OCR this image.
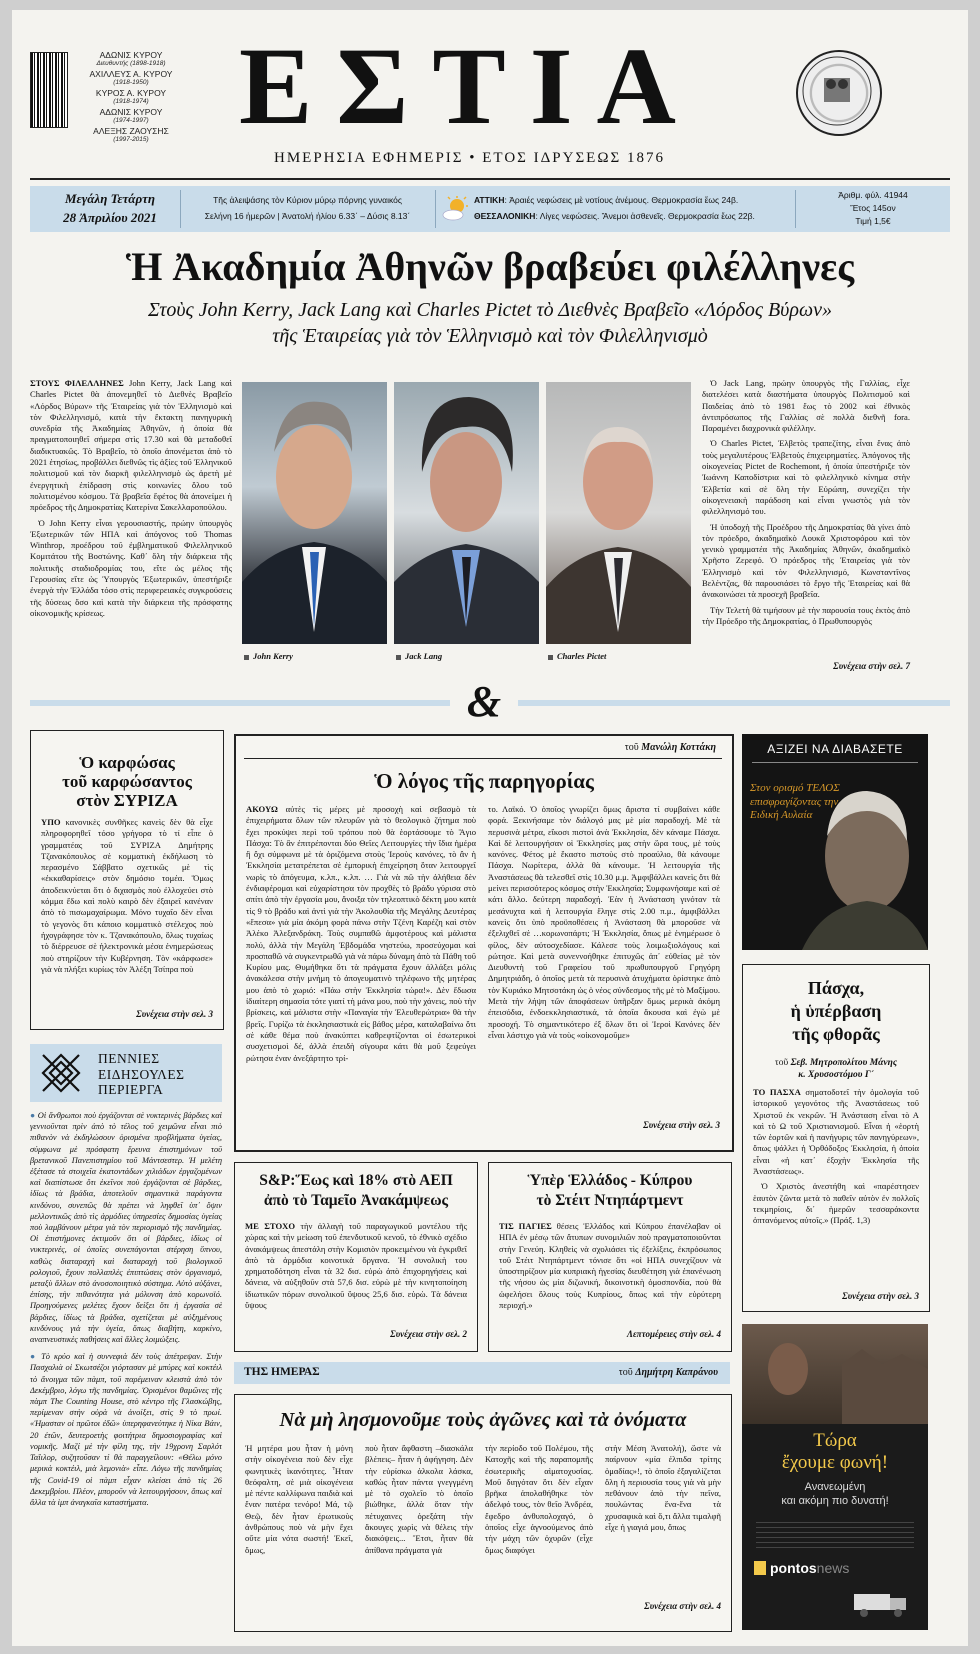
ΑΔΩΝΙΣ ΚΥΡΟΥ
Διευθυντής (1898-1918)
ΑΧΙΛΛΕΥΣ Α. ΚΥΡΟΥ
(1918-1950)
ΚΥΡΟΣ Α. ΚΥΡΟΥ
(1918-1974)
ΑΔΩΝΙΣ ΚΥΡΟΥ
(1974-1997)
ΑΛΕΞΗΣ ΖΑΟΥΣΗΣ
(1997-2015) ΕΣΤΙΑ
ΗΜΕΡΗΣΙΑ ΕΦΗΜΕΡΙΣ • ΕΤΟΣ ΙΔΡΥΣΕΩΣ 1876
Μεγάλη Τετάρτη
28 Ἀπριλίου 2021
Τῆς ἀλειψάσης τὸν Κύριον μύρῳ πόρνης γυναικός
Σελήνη 16 ἡμερῶν | Ἀνατολή ἡλίου 6.33΄ – Δύσις 8.13΄
ΑΤΤΙΚΗ: Ἀραιές νεφώσεις μὲ νοτίους ἀνέμους. Θερμοκρασία ἕως 24β.
ΘΕΣΣΑΛΟΝΙΚΗ: Λίγες νεφώσεις. Ἄνεμοι ἀσθενεῖς. Θερμοκρασία ἕως 22β.
Ἀριθμ. φύλ. 41944
Ἔτος 145ον
Τιμή 1,5€
Ἡ Ἀκαδημία Ἀθηνῶν βραβεύει φιλέλληνες
Στοὺς John Kerry, Jack Lang καὶ Charles Pictet τὸ Διεθνὲς Βραβεῖο «Λόρδος Βύρων»
τῆς Ἑταιρείας γιὰ τὸν Ἑλληνισμὸ καὶ τὸν Φιλελληνισμὸ

ΣΤΟΥΣ ΦΙΛΕΛΛΗΝΕΣ John Kerry, Jack Lang καὶ Charles Pictet θὰ ἀπονεμηθεῖ τὸ Διεθνὲς Βραβεῖο «Λόρδος Βύρων» τῆς Ἑταιρείας γιὰ τὸν Ἑλληνισμὸ καὶ τὸν Φιλελληνισμό, κατὰ τὴν ἔκτακτη πανηγυρικὴ συνεδρία τῆς Ἀκαδημίας Ἀθηνῶν, ἡ ὁποία θὰ πραγματοποιηθεῖ σήμερα στὶς 17.30 καὶ θὰ μεταδοθεῖ διαδικτυακῶς. Τὸ Βραβεῖο, τὸ ὁποῖο ἀπονέμεται ἀπὸ τὸ 2021 ἐτησίως, προβάλλει διεθνῶς τὶς ἀξίες τοῦ Ἑλληνικοῦ πολιτισμοῦ καὶ τὸν διαρκῆ φιλελληνισμὸ ὡς ἀρετὴ μὲ ἐνεργητικὴ ἐπίδραση στὶς κοινωνίες ὅλου τοῦ πολιτισμένου κόσμου. Τὰ βραβεῖα ἔφέτος θὰ ἀπονείμει ἡ πρόεδρος τῆς Δημοκρατίας Κατερίνα Σακελλαροπούλου.

Ὁ John Kerry εἶναι γερουσιαστής, πρώην ὑπουργὸς Ἐξωτερικῶν τῶν ΗΠΑ καὶ ἀπόγονος τοῦ Thomas Winthrop, προέδρου τοῦ ἐμβληματικοῦ Φιλελληνικοῦ Κομιτάτου τῆς Βοστώνης. Καθ᾽ ὅλη τὴν διάρκεια τῆς πολιτικῆς σταδιοδρομίας του, εἴτε ὡς μέλος τῆς Γερουσίας εἴτε ὡς Ὑπουργὸς Ἐξωτερικῶν, ὑπεστήριξε ἐνεργὰ τὴν Ἑλλάδα τόσο στὶς περιφερειακὲς συγκρούσεις τῆς δύσεως ὅσο καὶ κατὰ τὴν διάρκεια τῆς πρόσφατης οἰκονομικῆς κρίσεως.

John Kerry	Jack Lang	Charles Pictet

Ὁ Jack Lang, πρώην ὑπουργὸς τῆς Γαλλίας, εἶχε διατελέσει κατὰ διαστήματα ὑπουργὸς Πολιτισμοῦ καὶ Παιδείας ἀπὸ τὸ 1981 ἕως τὸ 2002 καὶ ἐθνικὸς ἀντιπρόσωπος τῆς Γαλλίας σὲ πολλὰ διεθνῆ fora. Παραμένει διαχρονικὰ φιλέλλην.

Ὁ Charles Pictet, Ἑλβετὸς τραπεζίτης, εἶναι ἕνας ἀπὸ τοὺς μεγαλυτέρους Ἑλβετοὺς ἐπιχειρηματίες. Ἀπόγονος τῆς οἰκογενείας Pictet de Rochemont, ἡ ὁποία ὑπεστήριξε τὸν Ἰωάννη Καποδίστρια καὶ τὸ φιλελληνικὸ κίνημα στὴν Ἑλβετία καὶ σὲ ὅλη τὴν Εὐρώπη, συνεχίζει τὴν οἰκογενειακὴ παράδοση καὶ εἶναι γνωστὸς γιὰ τὸν φιλελληνισμό του.

Ἡ ὑποδοχὴ τῆς Προέδρου τῆς Δημοκρατίας θὰ γίνει ἀπὸ τὸν πρόεδρο, ἀκαδημαϊκὸ Λουκᾶ Χριστοφόρου καὶ τὸν γενικὸ γραμματέα τῆς Ἀκαδημίας Ἀθηνῶν, ἀκαδημαϊκὸ Χρῆστο Ζερεφό. Ὁ πρόεδρος τῆς Ἑταιρείας γιὰ τὸν Ἑλληνισμὸ καὶ τὸν Φιλελληνισμό, Κωνσταντῖνος Βελέντζας, θὰ παρουσιάσει τὸ ἔργο τῆς Ἑταιρείας καὶ θὰ ἀνακοινώσει τὰ προσεχῆ βραβεῖα.

Τὴν Τελετὴ θὰ τιμήσουν μὲ τὴν παρουσία τους ἐκτὸς ἀπὸ τὴν Πρόεδρο τῆς Δημοκρατίας, ὁ Πρωθυπουργὸς

Συνέχεια στὴν σελ. 7
&
Ὁ καρφώσας
τοῦ καρφώσαντος
στὸν ΣΥΡΙΖΑ
ΥΠΟ κανονικὲς συνθῆκες κανεὶς δὲν θὰ εἶχε πληροφορηθεῖ τόσο γρήγορα τὸ τί εἶπε ὁ γραμματέας τοῦ ΣΥΡΙΖΑ Δημήτρης Τζανακόπουλος σὲ κομματικὴ ἐκδήλωση τὸ περασμένο Σάββατο σχετικῶς μὲ τὶς «ἐκκαθαρίσεις» στὸν δημόσιο τομέα. Ὅμως ἀποδεικνύεται ὅτι ὁ διχασμὸς ποὺ ἐλλοχεύει στὸ κόμμα ἔδω καὶ πολὺ καιρὸ δὲν ἐξαιρεῖ κανέναν ἀπὸ τὸ πισωμαχαίρωμα. Μόνο τυχαῖο δὲν εἶναι τὸ γεγονὸς ὅτι κάποιο κομματικὸ στέλεχος ποὺ ἠχογράφησε τὸν κ. Τζανακόπουλο, ὅλως τυχαίως τὸ διέρρευσε σὲ ἠλεκτρονικὰ μέσα ἐνημερώσεως ποὺ στηρίζουν τὴν Κυβέρνηση. Τὸν «κάρφωσε» γιὰ νὰ πλήξει κυρίως τὸν Ἀλέξη Τσίπρα ποὺ
Συνέχεια στὴν σελ. 3
ΠΕΝΝΙΕΣ
ΕΙΔΗΣΟΥΛΕΣ
ΠΕΡΙΕΡΓΑ

● Οἱ ἄνθρωποι ποὺ ἐργάζονται σὲ νυκτερινὲς βάρδιες καὶ γεννιοῦνται πρὶν ἀπὸ τὸ τέλος τοῦ χειμῶνα εἶναι πιὸ πιθανὸν νὰ ἐκδηλώσουν ὁρισμένα προβλήματα ὑγείας, σύμφωνα μὲ πρόσφατη ἔρευνα ἐπιστημόνων τοῦ βρετανικοῦ Πανεπιστημίου τοῦ Μάντσεστερ. Ἡ μελέτη ἐξέτασε τὰ στοιχεῖα ἑκατοντάδων χιλιάδων ἐργαζομένων καὶ διαπίστωσε ὅτι ἐκεῖνοι ποὺ ἐργάζονται σὲ βάρδιες, ἰδίως τὰ βράδια, ἀποτελοῦν σημαντικὰ παράγοντα κινδύνου, συνεπῶς θὰ πρέπει νὰ ληφθεῖ ὑπ᾽ ὄψιν μελλοντικῶς ἀπὸ τὶς ἁρμόδιες ὑπηρεσίες δημοσίας ὑγείας ποὺ λαμβάνουν μέτρα γιὰ τὸν περιορισμὸ τῆς πανδημίας. Οἱ ἐπιστήμονες ἐκτιμοῦν ὅτι οἱ βάρδιες, ἰδίως οἱ νυκτερινές, οἱ ὁποῖες συνεπάγονται στέρηση ὕπνου, καθὼς διαταραχὴ καὶ διαταραχὴ τοῦ βιολογικοῦ ρολογιοῦ, ἔχουν πολλαπλὲς ἐπιπτώσεις στὸν ὀργανισμό, μεταξὺ ἄλλων στὸ ἀνοσοποιητικὸ σύστημα. Αὐτὸ αὐξάνει, ἐπίσης, τὴν πιθανότητα γιὰ μόλυνση ἀπὸ κορωνοϊό. Προηγούμενες μελέτες ἔχουν δείξει ὅτι ἡ ἐργασία σὲ βάρδιες, ἰδίως τὰ βράδια, σχετίζεται μὲ αὐξημένους κινδύνους γιὰ τὴν ὑγεία, ὅπως διαβήτη, καρκίνο, αναπνευστικὲς παθήσεις καὶ ἄλλες λοιμώξεις.

● Τὸ κρύο καὶ ἡ συννεφιὰ δὲν τοὺς ἀπέτρεψαν. Στὴν Πασχαλιὰ οἱ Σκωτσέζοι γιόρτασαν μὲ μπύρες καὶ κοκτέιλ τὸ ἄνοιγμα τῶν πὰμπ, τοῦ παρέμειναν κλειστὰ ἀπὸ τὸν Δεκέμβριο, λόγω τῆς πανδημίας. Ὁρισμένοι θαμῶνες τῆς πὰμπ The Counting House, στὸ κέντρο τῆς Γλασκώβης, περίμεναν στὴν οὐρὰ νὰ ἀνοίξει, στὶς 9 τὸ πρωί. «Ἡμασταν οἱ πρῶτοι ἐδῶ» ὑπερηφανεύτηκε ἡ Νίκα Βάιν, 20 ἐτῶν, δευτεροετὴς φοιτήτρια δημοσιογραφίας καὶ νομικῆς. Μαζί μὲ τὴν φίλη της, τὴν 19χρονη Σαρλότ Ταΐιλορ, συζητοῦσαν τί θὰ παραγγείλουν: «Θέλω μόνο μερικὰ κοκτέιλ, μιὰ λεμονιὰ» εἶπε. Λόγω τῆς πανδημίας τῆς Covid-19 οἱ πὰμπ εἶχαν κλείσει ἀπὸ τὶς 26 Δεκεμβρίου. Πλέον, μποροῦν νὰ λειτουργήσουν, ὅπως καὶ ἄλλα τὰ ἱμπ ἀναγκαῖα καταστήματα.

τοῦ Μανώλη Κοττάκη
Ὁ λόγος τῆς παρηγορίας
ΑΚΟΥΩ αὐτὲς τὶς μέρες μὲ προσοχὴ καὶ σεβασμὸ τὰ ἐπιχειρήματα ὅλων τῶν πλευρῶν γιὰ τὸ θεολογικὸ ζήτημα ποὺ ἔχει προκύψει περὶ τοῦ τρόπου ποὺ θὰ ἑορτάσουμε τὸ Ἅγιο Πάσχα: Τὸ ἂν ἐπιτρέπονται δύο Θεῖες Λειτουργίες τὴν ἴδια ἡμέρα ἢ ὄχι σύμφωνα μὲ τὰ ὁριζόμενα στοὺς Ἱεροὺς κανόνες, τὸ ἂν ἡ Ἐκκλησία μετατρέπεται σὲ ἐμπορικὴ ἐπιχείρηση ὅταν λειτουργεῖ νωρὶς τὸ ἀπόγευμα, κ.λπ., κ.λπ. … Γιὰ νὰ πῶ τὴν ἀλήθεια δὲν ἐνδιαφέρομαι καὶ εὐχαρίστησα τὸν προχθὲς τὸ βράδυ γύρισα στὸ σπίτι ἀπὸ τὴν ἐργασία μου, ἄνοιξα τὸν τηλεοπτικὸ δέκτη μου κατὰ τὶς 9 τὸ βράδυ καὶ ἀντὶ γιὰ τὴν Ἀκολουθία τῆς Μεγάλης Δευτέρας «ἔπεσα» γιὰ μία ἀκόμη φορὰ πάνω στὴν Τζένη Καρέζη καὶ στὸν Ἀλέκο Ἀλεξανδράκη. Τοὺς συμπαθῶ ἀμφοτέρους καὶ μάλιστα πολύ, ἀλλὰ τὴν Μεγάλη Ἑβδομάδα νηστεύω, προσεύχομαι καὶ προσπαθῶ νὰ συγκεντρωθῶ γιὰ νὰ πάρω δύναμη ἀπὸ τὰ Πάθη τοῦ Κυρίου μας. Θυμήθηκα ὅτι τὰ πράγματα ἔχουν ἀλλάξει μόλις ἀνακάλεσα στὴν μνήμη τὸ ἀπογευματινὸ τηλέφωνο τῆς μητέρας μου ἀπὸ τὸ χωριό: «Πάω στὴν Ἐκκλησία τώρα!». Δὲν ἔδωσα ἰδιαίτερη σημασία τότε γιατί τὴ μάνα μου, ποὺ τὴν χάνεις, ποὺ τὴν βρίσκεις, καὶ μάλιστα στὴν «Παναγία τὴν Ἐλευθερώτρια» θὰ τὴν βρεῖς. Γυρίζω τὰ ἐκκλησιαστικὰ εἰς βάθος μέρα, καταλαβαίνω ὅτι σὲ κάθε θέμα ποὺ ἀνακύπτει καθρεφτίζονται οἱ ἐσωτερικοὶ συσχετισμοὶ δέ, ἀλλὰ ἐπειδὴ σίγουρα κάτι θὰ μοῦ ξεφεύγει ρώτησα ἐναν ἀνεξάρτητο τρί-
το. Λαϊκό. Ὁ ὁποῖος γνωρίζει ὅμως ἄριστα τί συμβαίνει κάθε φορά. Ξεκινήσαμε τὸν διάλογό μας μὲ μία παραδοχή. Μὲ τὰ περυσινὰ μέτρα, εἴκοσι πιστοὶ ἀνὰ Ἐκκλησία, δὲν κάναμε Πάσχα. Καὶ δὲ λειτουργήσαν οἱ Ἐκκλησίες μας στὴν ὥρα τους, μὲ τοὺς κανόνες. Φέτος μὲ ἕκαστο πιστοὺς στὸ προαύλιο, θὰ κάνουμε Πάσχα. Νωρίτερα, ἀλλὰ θὰ κάνουμε. Ἡ λειτουργία τῆς Ἀναστάσεως θὰ τελεσθεῖ στὶς 10.30 μ.μ. Ἀμφιβάλλει κανεὶς ὅτι θὰ μείνει περισσότερος κόσμος στὴν Ἐκκλησία; Συμφωνήσαμε καὶ σὲ κάτι ἄλλο. δεύτερη παραδοχή. Ἐὰν ἡ Ἀνάσταση γινόταν τὰ μεσάνυχτα καὶ ἡ λειτουργία ἔληγε στὶς 2.00 π.μ., ἀμφιβάλλει κανεὶς ὅτι ὑπὸ προϋποθέσεις ἡ Ἀνάσταση θὰ μποροῦσε νὰ ἐξελιχθεῖ σὲ …κορωνοπάρτι; Ἡ Ἐκκλησία, ὅπως μὲ ἐνημέρωσε ὁ φίλος, δὲν αὐτοσχεδίασε. Κάλεσε τοὺς λοιμωξιολόγους καὶ ρώτησε. Καὶ μετὰ συνεννοήθηκε ἐπιτυχῶς ἀπ᾽ εὐθείας μὲ τὸν Διευθυντὴ τοῦ Γραφείου τοῦ πρωθυπουργοῦ Γρηγόρη Δημητριάδη, ὁ ὁποῖος μετὰ τὰ περυσινὰ ἀτυχήματα ὁρίστηκε ἀπὸ τὸν Κυριάκο Μητσοτάκη ὡς ὁ νέος σύνδεσμος τῆς μὲ τὸ Μαξίμου. Μετὰ τὴν λήψη τῶν ἀποφάσεων ὑπῆρξαν ὅμως μερικὰ ἀκόμη ἐπεισόδια, ἐνδοεκκλησιαστικά, τὰ ὁποῖα ἄκουσα καὶ ἐγὼ μὲ προσοχή. Τὸ σημαντικότερο ἐξ ὅλων ὅτι οἱ Ἱεροὶ Κανόνες δὲν εἶναι λάστιχο γιὰ νὰ τοὺς «οἰκονομοῦμε»
Συνέχεια στὴν σελ. 3
S&P:Ἕως καὶ 18% στὸ ΑΕΠ
ἀπὸ τὸ Ταμεῖο Ἀνακάμψεως
ΜΕ ΣΤΟΧΟ τὴν ἀλλαγὴ τοῦ παραγωγικοῦ μοντέλου τῆς χώρας καὶ τὴν μείωση τοῦ ἐπενδυτικοῦ κενοῦ, τὸ ἐθνικὸ σχέδιο ἀνακάμψεως ἀπεστάλη στὴν Κομισιὸν προκειμένου νὰ ἐγκριθεῖ ἀπὸ τὰ ἁρμόδια κοινοτικὰ ὄργανα. Ἡ συνολικὴ του χρηματοδότηση εἶναι τὰ 32 δισ. εὐρὼ ἀπὸ ἐπιχορηγήσεις καὶ δάνεια, νὰ αὐξηθοῦν στὰ 57,6 δισ. εὐρὼ μὲ τὴν κινητοποίηση ἰδιωτικῶν πόρων συνολικοῦ ὕψους 25,6 δισ. εὐρὼ. Τὰ δάνεια ὕψους
Συνέχεια στὴν σελ. 2
Ὑπὲρ Ἑλλάδος - Κύπρου
τὸ Στέιτ Ντηπάρτμεντ
ΤΙΣ ΠΑΓΙΕΣ θέσεις Ἑλλάδος καὶ Κύπρου ἐπανέλαβαν οἱ ΗΠΑ ἐν μέσῳ τῶν ἄτυπων συνομιλιῶν ποὺ πραγματοποιοῦνται στὴν Γενεύη. Κληθεὶς νὰ σχολιάσει τὶς ἐξελίξεις, ἐκπρόσωπος τοῦ Στέιτ Ντηπάρτμεντ τόνισε ὅτι «οἱ ΗΠΑ συνεχίζουν νὰ ὑποστηρίζουν μία κυπριακὴ ἡγεσίας διευθέτηση γιὰ ἐπανένωση τῆς νήσου ὡς μία διζωνική, δικοινοτικὴ ὁμοσπονδία, ποὺ θὰ ὠφελήσει ὅλους τοὺς Κυπρίους, ὅπως καὶ τὴν εὐρύτερη περιοχή.»
Λεπτομέρειες στὴν σελ. 4
ΤΗΣ ΗΜΕΡΑΣ	τοῦ Δημήτρη Καπράνου
Νὰ μὴ λησμονοῦμε τοὺς ἀγῶνες καὶ τὰ ὀνόματα
Ἡ μητέρα μου ἦταν ἡ μόνη στὴν οἰκογένεια ποὺ δὲν εἶχε φωνητικὲς ἱκανότητες. Ἦταν θεόφαλτη, σὲ μιὰ οἰκογένεια μὲ πέντε καλλίφωνα παιδιὰ καὶ ἕναν πατέρα τενόρο! Μά, τῷ Θεῷ, δὲν ἦταν ἐρωτικοὺς ἀνθρώπους ποὺ νὰ μὴν ἔχει οὔτε μία νότα σωστή! Ἐκεῖ, ὅμως,
ποὺ ἦταν ἄφθαστη –διασκάλα βλέπεις– ἦταν ἡ ἀφήγηση. Δὲν τὴν εὑρίσκω ἀλκολα λάσκα, καθὼς ἦταν πάντα γνεγγμένη μὲ τὸ σχολεῖο τὸ ὁποῖο βιώθηκε, ἀλλὰ ὅταν τὴν πέτυχαινες ὀρεξάτη τὴν ἄκουγες χωρὶς νὰ θέλεις τὴν διακόψεις... Ἔτσι, ἦταν θὰ ἀπίθανα πράγματα γιὰ
τὴν περίοδο τοῦ Πολέμου, τῆς Κατοχῆς καὶ τῆς παραπομπῆς ἐσωτερικῆς αἱματοχυσίας. Μοῦ διηγόταν ὅτι δὲν εἶχαν βρῆκα ἀπολαθήθηκε τὸν ἀδελφό τους, τὸν θεῖο Ἀνδρέα, ἔφεδρο ἀνθυπολοχαγό, ὁ ὁποῖος εἶχε ἀγνοούμενος ἀπὸ τὴν μάχη τῶν ὀχυρῶν (εἶχε ὅμως διαφύγει
στὴν Μέση Ἀνατολή), ὥστε νὰ παίρνουν «μία ἐλπιδα τρίτης ὁμαδίας»!, τὸ ὁποῖο ἐξαγαλίζεται ὅλη ἡ περιουσία τους γιὰ νὰ μὴν πεθάνουν ἀπὸ τὴν πεῖνα, πουλώντας ἕνα-ἕνα τὰ χρυσαφικὰ καὶ ὅ,τι ἄλλα τιμαλφῆ εἶχε ἡ γιαγιά μου, ὅπως
Συνέχεια στὴν σελ. 4
ΑΞΙΖΕΙ ΝΑ ΔΙΑΒΑΣΕΤΕ
Στον ορισμό ΤΕΛΟΣ επισφραγίζοντας την Ειδική Αυλαία
Πάσχα,
ἡ ὑπέρβαση
τῆς φθορᾶς
τοῦ Σεβ. Μητροπολίτου Μάνης
κ. Χρυσοστόμου Γ´

ΤΟ ΠΑΣΧΑ σηματοδοτεῖ τὴν ὁμολογία τοῦ ἱστορικοῦ γεγονότος τῆς Ἀναστάσεως τοῦ Χριστοῦ ἐκ νεκρῶν. Ἡ Ἀνάσταση εἶναι τὸ Α καὶ τὸ Ω τοῦ Χριστιανισμοῦ. Εἶναι ἡ «ἑορτὴ τῶν ἑορτῶν καὶ ἡ πανήγυρις τῶν πανηγύρεων», ὅπως ψάλλει ἡ Ὀρθόδοξος Ἐκκλησία, ἡ ὁποία εἶναι «ἡ κατ᾽ ἐξοχὴν Ἐκκλησία τῆς Ἀναστάσεως».

Ὁ Χριστὸς ἀνεστήθη καὶ «παρέστησεν ἑαυτὸν ζῶντα μετὰ τὸ παθεῖν αὐτὸν ἐν πολλοῖς τεκμηρίοις, δι᾽ ἡμερῶν τεσσαράκοντα ὀπτανόμενος αὐτοῖς.» (Πράξ. 1,3)

Συνέχεια στὴν σελ. 3
Τώρα
ἔχουμε φωνή!
Ανανεωμένη
και ακόμη πιο δυνατή!
pontosnews
